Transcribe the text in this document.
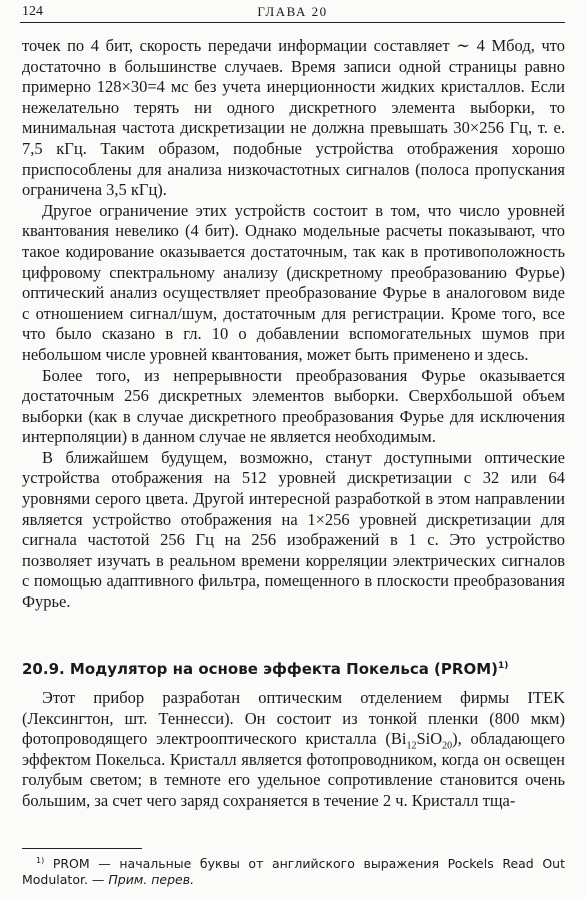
124	ГЛАВА 20

точек по 4 бит, скорость передачи информации составляет ∼ 4 Мбод, что достаточно в большинстве случаев. Время записи одной страницы равно примерно 128×30=4 мс без учета инерционности жидких кристаллов. Если нежелательно терять ни одного дискретного элемента выборки, то минимальная частота дискретизации не должна превышать 30×256 Гц, т. е. 7,5 кГц. Таким образом, подобные устройства отображения хорошо приспособлены для анализа низкочастотных сигналов (полоса пропускания ограничена 3,5 кГц).

Другое ограничение этих устройств состоит в том, что число уровней квантования невелико (4 бит). Однако модельные расчеты показывают, что такое кодирование оказывается достаточным, так как в противоположность цифровому спектральному анализу (дискретному преобразованию Фурье) оптический анализ осуществляет преобразование Фурье в аналоговом виде с отношением сигнал/шум, достаточным для регистрации. Кроме того, все что было сказано в гл. 10 о добавлении вспомогательных шумов при небольшом числе уровней квантования, может быть применено и здесь.

Более того, из непрерывности преобразования Фурье оказывается достаточным 256 дискретных элементов выборки. Сверхбольшой объем выборки (как в случае дискретного преобразования Фурье для исключения интерполяции) в данном случае не является необходимым.

В ближайшем будущем, возможно, станут доступными оптические устройства отображения на 512 уровней дискретизации с 32 или 64 уровнями серого цвета. Другой интересной разработкой в этом направлении является устройство отображения на 1×256 уровней дискретизации для сигнала частотой 256 Гц на 256 изображений в 1 с. Это устройство позволяет изучать в реальном времени корреляции электрических сигналов с помощью адаптивного фильтра, помещенного в плоскости преобразования Фурье.

20.9. Модулятор на основе эффекта Покельса (PROM)$^{1)}$

Этот прибор разработан оптическим отделением фирмы ITEK (Лексингтон, шт. Теннесси). Он состоит из тонкой пленки (800 мкм) фотопроводящего электрооптического кристалла $(Bi_{12}SiO_{20})$, обладающего эффектом Покельса. Кристалл является фотопроводником, когда он освещен голубым светом; в темноте его удельное сопротивление становится очень большим, за счет чего заряд сохраняется в течение 2 ч. Кристалл тща-

$^{1)}$ PROM — начальные буквы от английского выражения Pockels Read Out Modulator. — Прим. перев.
